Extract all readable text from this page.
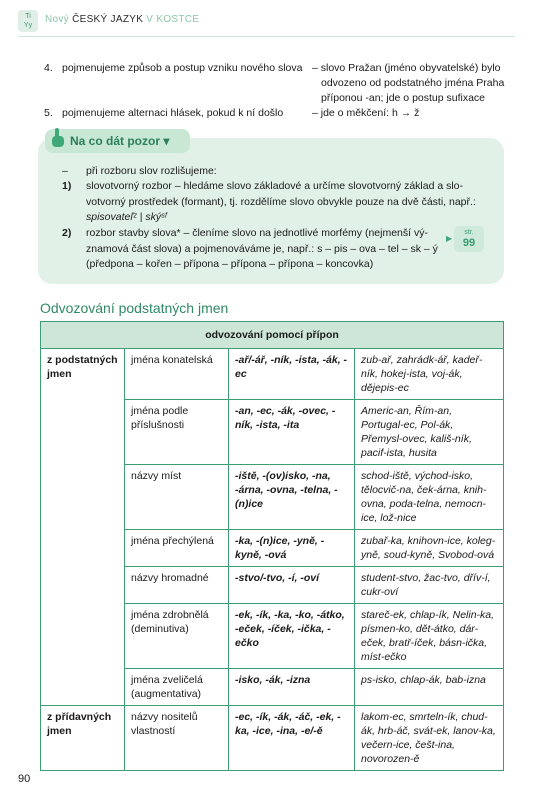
Ti
Yy
Nový ČESKÝ JAZYK V KOSTCE
4. pojmenujeme způsob a postup vzniku nového slova – slovo Pražan (jméno obyvatelské) bylo
odvozeno od podstatného jména Praha
příponou -an; jde o postup sufixace
5. pojmenujeme alternaci hlásek, pokud k ní došlo	– jde o měkčení: h → ž
Na co dát pozor ▾
– při rozboru slov rozlišujeme:
1) slovotvorný rozbor – hledáme slovo základové a určíme slovotvorný základ a slo-
votvorný prostředek (formant), tj. rozdělíme slovo obvykle pouze na dvě části, např.:
spisovateľᶻ | skýˢᶠ
2) rozbor stavby slova* – členíme slovo na jednotlivé morfémy (nejmenší vý-
znamová část slova) a pojmenováváme je, např.: s – pis – ova – tel – sk – ý
(předpona – kořen – přípona – přípona – přípona – koncovka)
▶
str.
99
Odvozování podstatných jmen
odvozování pomocí přípon			
z podstatných jmen	jména konatelská	-ař/-ář, -ník, -ista, -ák, -ec	zub-ař, zahrádk-ář, kadeř-ník, hokej-ista, voj-ák, dějepis-ec
	jména podle příslušnosti	-an, -ec, -ák, -ovec, -ník, -ista, -ita	Americ-an, Řím-an, Portugal-ec, Pol-ák, Přemysl-ovec, kališ-ník, pacif-ista, husita
	názvy míst	-ištĕ, -(ov)isko, -na, -árna, -ovna, -telna, -(n)ice	schod-iště, východ-isko, tělocvič-na, ček-árna, knih-ovna, poda-telna, nemocn-ice, lož-nice
	jména přechýlená	-ka, -(n)ice, -yně, -kyně, -ová	zubař-ka, knihovn-ice, koleg-yně, soud-kyně, Svobod-ová
	názvy hromadné	-stvo/-tvo, -í, -oví	student-stvo, žac-tvo, dřív-í, cukr-oví
	jména zdrobnělá (deminutiva)	-ek, -ík, -ka, -ko, -átko, -eček, -íček, -ička, -ečko	stareč-ek, chlap-ík, Nelin-ka, písmen-ko, dět-átko, dár-eček, bratř-íček, básn-ička, míst-ečko
	jména zveličelá (augmentativa)	-isko, -ák, -izna	ps-isko, chlap-ák, bab-izna
z přídavných jmen	názvy nositelů vlastností	-ec, -ík, -ák, -áč, -ek, -ka, -ice, -ina, -e/-ě	lakom-ec, smrteln-ík, chud-ák, hrb-áč, svát-ek, lanov-ka, večern-ice, češt-ina, novorozen-ě
90
